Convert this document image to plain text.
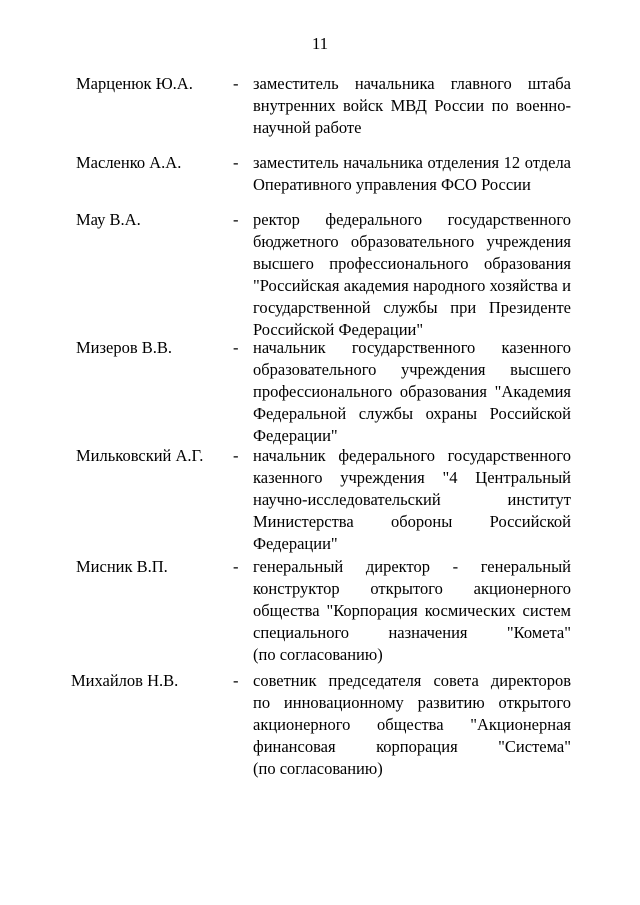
11
Марценюк Ю.А.	- заместитель начальника главного штаба
внутренних войск МВД России по военно-
научной работе
Масленко А.А.	- заместитель начальника отделения 12 отдела
Оперативного управления ФСО России
Мау В.А.	- ректор федерального государственного
бюджетного образовательного учреждения
высшего профессионального образования
"Российская академия народного хозяйства и
государственной службы при Президенте
Российской Федерации"
Мизеров В.В.	- начальник государственного казенного
образовательного учреждения высшего
профессионального образования "Академия
Федеральной службы охраны Российской
Федерации"
Мильковский А.Г.	- начальник федерального государственного
казенного учреждения "4 Центральный
научно-исследовательский институт
Министерства обороны Российской
Федерации"
Мисник В.П.	- генеральный директор - генеральный
конструктор открытого акционерного
общества "Корпорация космических систем
специального назначения "Комета"
(по согласованию)
Михайлов Н.В.	- советник председателя совета директоров
по инновационному развитию открытого
акционерного общества "Акционерная
финансовая корпорация "Система"
(по согласованию)
